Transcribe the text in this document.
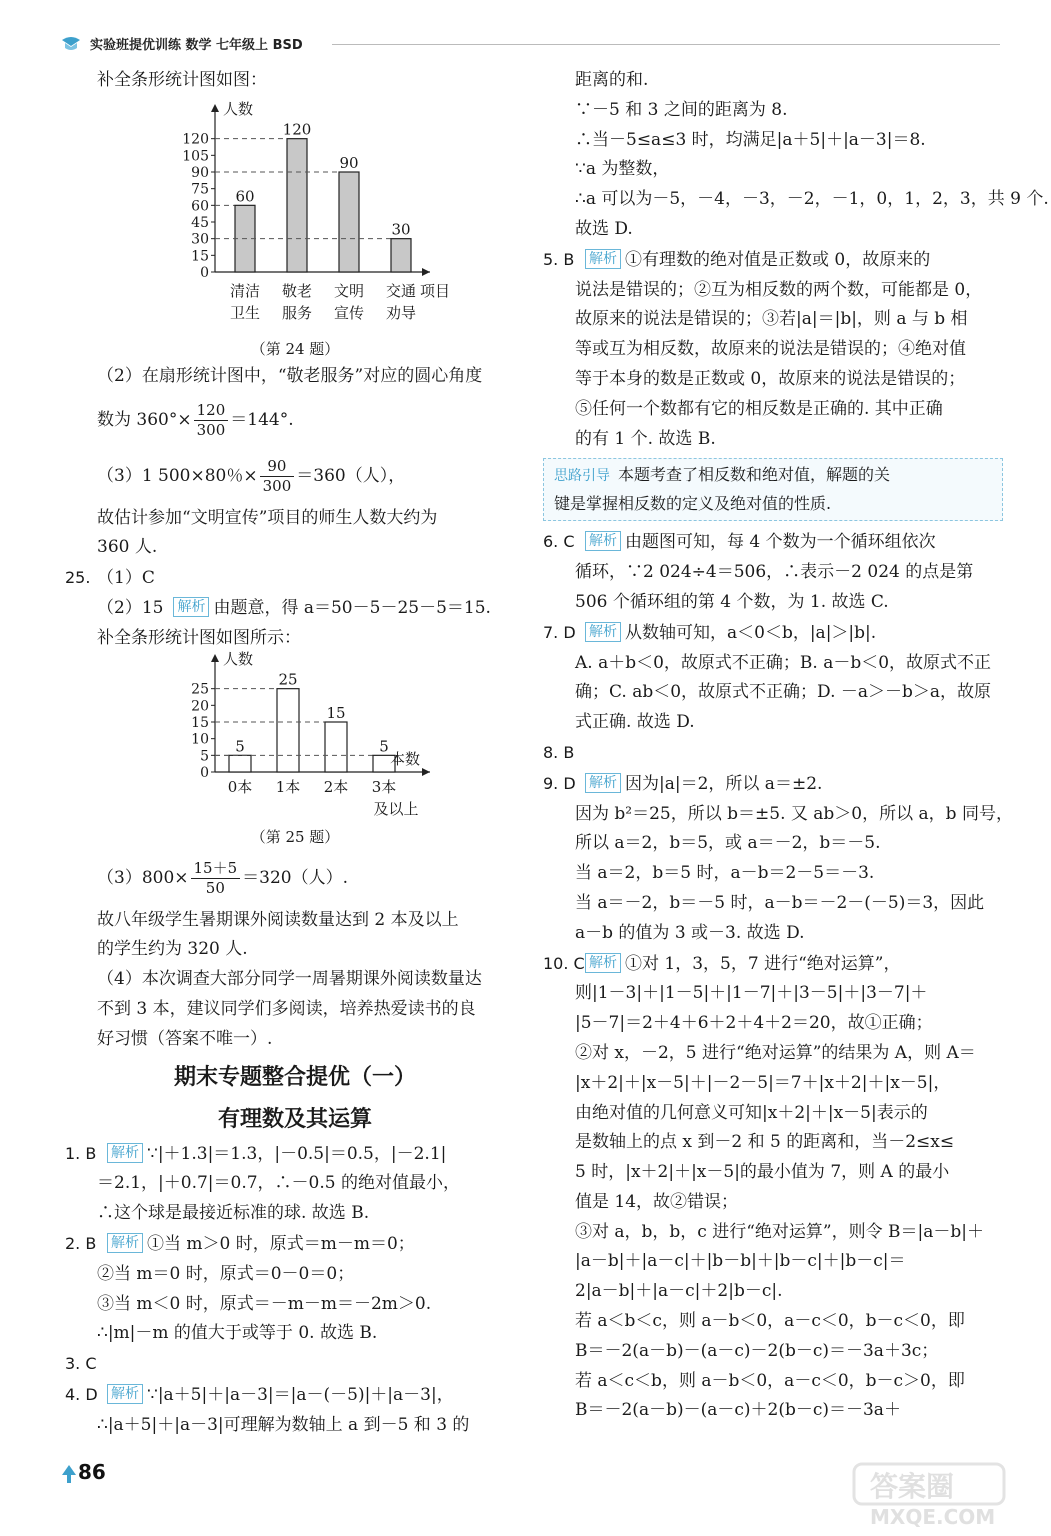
实验班提优训练 数学 七年级上 BSD
补全条形统计图如图：
人数
0
15
30
45
60
75
90
105
120
60
120
90
30
清洁
卫生
敬老
服务
文明
宣传
交通
劝导
项目
（第 24 题）
（2）在扇形统计图中，“敬老服务”对应的圆心角度
数为 $360^\circ\times \frac{120}{300} =144^\circ$.
（3）1 500×80％× $\frac{90}{300} =360$（人），
故估计参加“文明宣传”项目的师生人数大约为
360 人.
25. （1）C
（2）15 解析 由题意，得 a＝50－5－25－5＝15.
补全条形统计图如图所示：
人数
0
5
10
15
20
25
5
25
15
5
0本 1本 2本 3本
及以上
本数
（第 25 题）
$(3)800\times \frac{15+5}{50} =320$（人）.
故八年级学生暑期课外阅读数量达到 2 本及以上
的学生约为 320 人.
（4）本次调查大部分同学一周暑期课外阅读数量达
不到 3 本，建议同学们多阅读，培养热爱读书的良
好习惯（答案不唯一）.
期末专题整合提优（一）
有理数及其运算
1. B 解析 ∵|＋1.3|＝1.3，|－0.5|＝0.5，|－2.1|
＝2.1，|＋0.7|＝0.7，∴－0.5 的绝对值最小，
∴这个球是最接近标准的球. 故选 B.
2. B 解析 ①当 m＞0 时，原式＝m－m＝0；
②当 m＝0 时，原式＝0－0＝0；
③当 m＜0 时，原式＝－m－m＝－2m＞0.
∴|m|－m 的值大于或等于 0. 故选 B.
3. C
4. D 解析 ∵|a＋5|＋|a－3|＝|a－(－5)|＋|a－3|，
∴|a＋5|＋|a－3|可理解为数轴上 a 到－5 和 3 的
距离的和.
∵－5 和 3 之间的距离为 8.
∴当－5≤a≤3 时，均满足|a＋5|＋|a－3|＝8.
∵a 为整数，
∴a 可以为－5，－4，－3，－2，－1，0，1，2，3，共 9 个.
故选 D.
5. B 解析 ①有理数的绝对值是正数或 0，故原来的
说法是错误的；②互为相反数的两个数，可能都是 0，
故原来的说法是错误的；③若|a|＝|b|，则 a 与 b 相
等或互为相反数，故原来的说法是错误的；④绝对值
等于本身的数是正数或 0，故原来的说法是错误的；
⑤任何一个数都有它的相反数是正确的. 其中正确
的有 1 个. 故选 B.
思路引导 本题考查了相反数和绝对值，解题的关
键是掌握相反数的定义及绝对值的性质.
6. C 解析 由题图可知，每 4 个数为一个循环组依次
循环，∵2 024÷4＝506，∴表示－2 024 的点是第
506 个循环组的第 4 个数，为 1. 故选 C.
7. D 解析 从数轴可知，a＜0＜b，|a|＞|b|.
A. a＋b＜0，故原式不正确；B. a－b＜0，故原式不正
确；C. ab＜0，故原式不正确；D. －a＞－b＞a，故原
式正确. 故选 D.
8. B
9. D 解析 因为|a|＝2，所以 a＝±2.
因为 b²＝25，所以 b＝±5. 又 ab＞0，所以 a，b 同号，
所以 a＝2，b＝5，或 a＝－2，b＝－5.
当 a＝2，b＝5 时，a－b＝2－5＝－3.
当 a＝－2，b＝－5 时，a－b＝－2－(－5)＝3，因此
a－b 的值为 3 或－3. 故选 D.
10. C 解析 ①对 1，3，5，7 进行“绝对运算”，
则|1－3|＋|1－5|＋|1－7|＋|3－5|＋|3－7|＋
|5－7|＝2＋4＋6＋2＋4＋2＝20，故①正确；
②对 x，－2，5 进行“绝对运算”的结果为 A，则 A＝
|x＋2|＋|x－5|＋|－2－5|＝7＋|x＋2|＋|x－5|，
由绝对值的几何意义可知|x＋2|＋|x－5|表示的
是数轴上的点 x 到－2 和 5 的距离和，当－2≤x≤
5 时，|x＋2|＋|x－5|的最小值为 7，则 A 的最小
值是 14，故②错误；
③对 a，b，b，c 进行“绝对运算”，则令 B＝|a－b|＋
|a－b|＋|a－c|＋|b－b|＋|b－c|＋|b－c|＝
2|a－b|＋|a－c|＋2|b－c|.
若 a＜b＜c，则 a－b＜0，a－c＜0，b－c＜0，即
B＝－2(a－b)－(a－c)－2(b－c)＝－3a＋3c；
若 a＜c＜b，则 a－b＜0，a－c＜0，b－c＞0，即
B＝－2(a－b)－(a－c)＋2(b－c)＝－3a＋
86	答案圈
MXQE.COM
